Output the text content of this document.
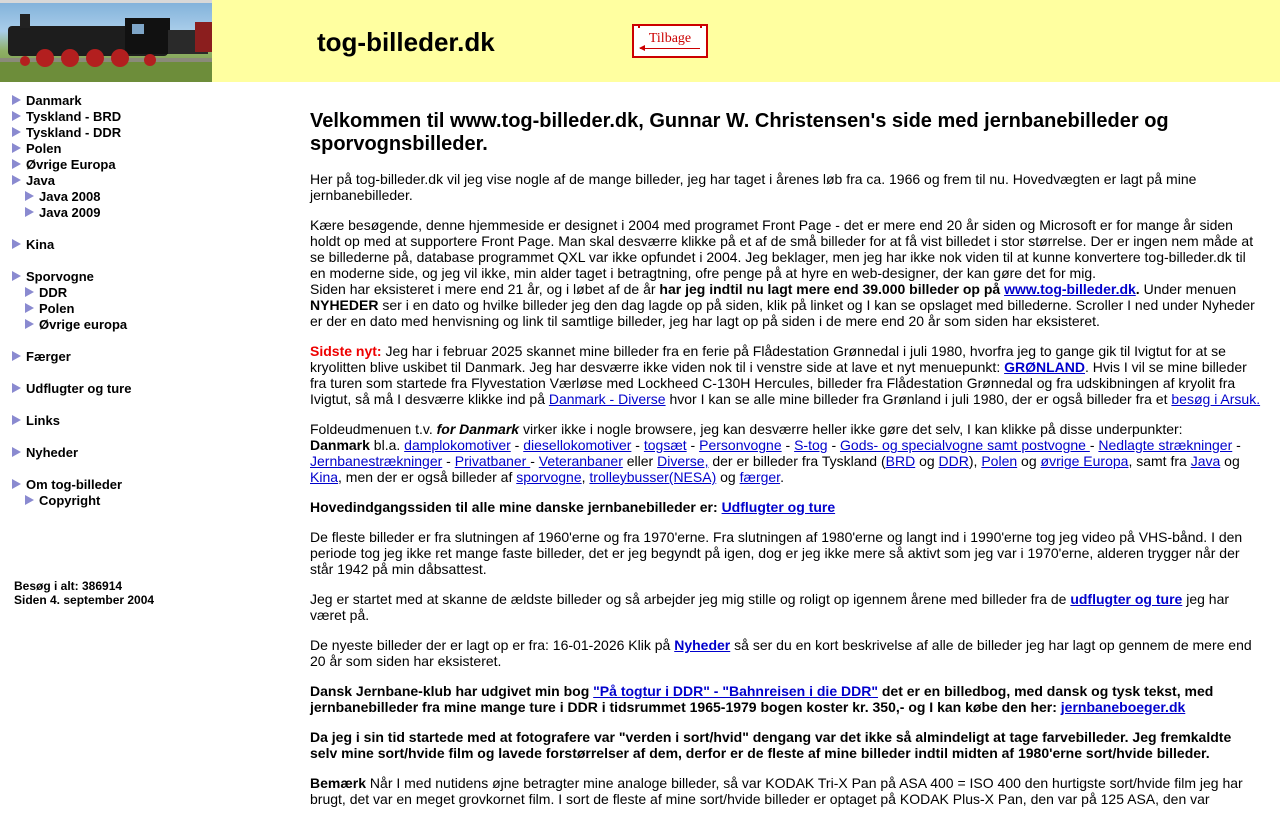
tog-billeder.dk	Tilbage
Danmark
Tyskland - BRD
Tyskland - DDR
Polen
Øvrige Europa
Java
Java 2008
Java 2009
Kina
Sporvogne
DDR
Polen
Øvrige europa
Færger
Udflugter og ture
Links
Nyheder
Om tog-billeder
Copyright
Besøg i alt: 386914
Siden 4. september 2004
Velkommen til www.tog-billeder.dk, Gunnar W. Christensen's side med jernbanebilleder og sporvognsbilleder.

Her på tog-billeder.dk vil jeg vise nogle af de mange billeder, jeg har taget i årenes løb fra ca. 1966 og frem til nu. Hovedvægten er lagt på mine jernbanebilleder.

Kære besøgende, denne hjemmeside er designet i 2004 med programet Front Page - det er mere end 20 år siden og Microsoft er for mange år siden holdt op med at supportere Front Page. Man skal desværre klikke på et af de små billeder for at få vist billedet i stor størrelse. Der er ingen nem måde at se billederne på, database programmet QXL var ikke opfundet i 2004. Jeg beklager, men jeg har ikke nok viden til at kunne konvertere tog-billeder.dk til en moderne side, og jeg vil ikke, min alder taget i betragtning, ofre penge på at hyre en web-designer, der kan gøre det for mig.

Siden har eksisteret i mere end 21 år, og i løbet af de år har jeg indtil nu lagt mere end 39.000 billeder op på www.tog-billeder.dk. Under menuen NYHEDER ser i en dato og hvilke billeder jeg den dag lagde op på siden, klik på linket og I kan se opslaget med billederne. Scroller I ned under Nyheder er der en dato med henvisning og link til samtlige billeder, jeg har lagt op på siden i de mere end 20 år som siden har eksisteret.

Sidste nyt: Jeg har i februar 2025 skannet mine billeder fra en ferie på Flådestation Grønnedal i juli 1980, hvorfra jeg to gange gik til Ivigtut for at se kryolitten blive uskibet til Danmark. Jeg har desværre ikke viden nok til i venstre side at lave et nyt menuepunkt: GRØNLAND. Hvis I vil se mine billeder fra turen som startede fra Flyvestation Værløse med Lockheed C-130H Hercules, billeder fra Flådestation Grønnedal og fra udskibningen af kryolit fra Ivigtut, så må I desværre klikke ind på Danmark - Diverse hvor I kan se alle mine billeder fra Grønland i juli 1980, der er også billeder fra et besøg i Arsuk.

Foldeudmenuen t.v. for Danmark virker ikke i nogle browsere, jeg kan desværre heller ikke gøre det selv, I kan klikke på disse underpunkter:
Danmark bl.a. damplokomotiver - diesellokomotiver - togsæt - Personvogne - S-tog - Gods- og specialvogne samt postvogne - Nedlagte strækninger - Jernbanestrækninger - Privatbaner - Veteranbaner eller Diverse, der er billeder fra Tyskland (BRD og DDR), Polen og øvrige Europa, samt fra Java og Kina, men der er også billeder af sporvogne, trolleybusser(NESA) og færger.

Hovedindgangssiden til alle mine danske jernbanebilleder er: Udflugter og ture

De fleste billeder er fra slutningen af 1960'erne og fra 1970'erne. Fra slutningen af 1980'erne og langt ind i 1990'erne tog jeg video på VHS-bånd. I den periode tog jeg ikke ret mange faste billeder, det er jeg begyndt på igen, dog er jeg ikke mere så aktivt som jeg var i 1970'erne, alderen trygger når der står 1942 på min dåbsattest.

Jeg er startet med at skanne de ældste billeder og så arbejder jeg mig stille og roligt op igennem årene med billeder fra de udflugter og ture jeg har været på.

De nyeste billeder der er lagt op er fra: 16-01-2026 Klik på Nyheder så ser du en kort beskrivelse af alle de billeder jeg har lagt op gennem de mere end 20 år som siden har eksisteret.

Dansk Jernbane-klub har udgivet min bog "På togtur i DDR" - "Bahnreisen i die DDR" det er en billedbog, med dansk og tysk tekst, med jernbanebilleder fra mine mange ture i DDR i tidsrummet 1965-1979 bogen koster kr. 350,- og I kan købe den her: jernbaneboeger.dk

Da jeg i sin tid startede med at fotografere var "verden i sort/hvid" dengang var det ikke så almindeligt at tage farvebilleder. Jeg fremkaldte selv mine sort/hvide film og lavede forstørrelser af dem, derfor er de fleste af mine billeder indtil midten af 1980'erne sort/hvide billeder.

Bemærk Når I med nutidens øjne betragter mine analoge billeder, så var KODAK Tri-X Pan på ASA 400 = ISO 400 den hurtigste sort/hvide film jeg har brugt, det var en meget grovkornet film. I sort de fleste af mine sort/hvide billeder er optaget på KODAK Plus-X Pan, den var på 125 ASA, den var
